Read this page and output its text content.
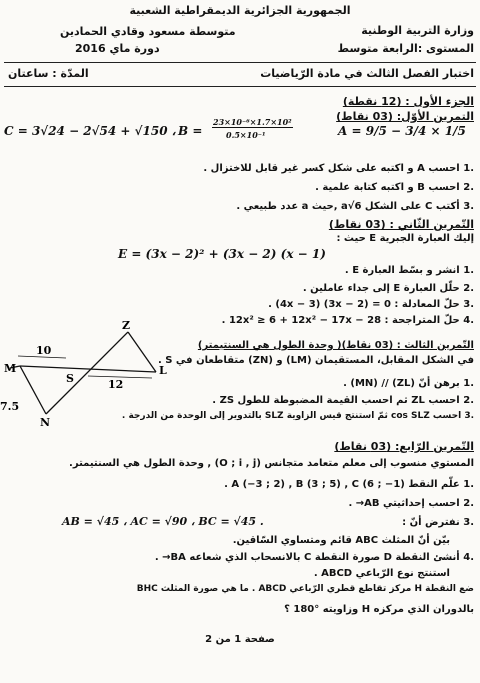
الجمهورية الجزائرية الديمقراطية الشعبية
وزارة التربية الوطنية
متوسطة مسعود وقادي الحمادين
المستوى :الرابعة متوسط
دورة ماي 2016
اختبار الفصل الثالث في مادة الرّياضيات
المدّة : ساعتان
الجزء الأول : (12 نقطة)
التمرين الأوّل: (03 نقاط)
C = 3√24 − 2√54 + √150 ، B =
23×10⁻⁶×1.7×10²
0.5×10⁻¹	A = 9/5 − 3/4 × 1/5
.1 احسب A و اكتبه على شكل كسر غير قابل للاختزال .
.2 احسب B و اكتبه كتابة علمية .
.3 أكتب C على الشكل a√6 ,حيث a عدد طبيعي .
التّمرين الثّاني : (03 نقاط)
إليك العبارة الجبرية E حيث :
E = (3x − 2)² + (3x − 2) (x − 1)
.1 انشر و بسّط العبارة E .
.2 حلّل العبارة E إلى جداء عاملين .
.3 حلّ المعادلة : 0 = (3x − 2) (4x − 3) .
.4 حلّ المتراجحة : 28 − 12x² ≥ 6 + 12x² − 17x .
Z
L
S
M
N
10
12
7.5
التّمرين الثالث : (03 نقاط)( وحدة الطول هي السنتيمتر)
في الشكل المقابل، المستقيمان (LM) و (ZN) متقاطعان في S .
.1 برهن أنّ (ZL) // (MN) .
.2 احسب ZL ثم احسب القيمة المضبوطة للطول ZS .
.3 احسب cos SLZ ثمّ استنتج قيس الزاوية SLZ بالتدوير إلى الوحدة من الدرجة .
التّمرين الرّابع: (03 نقاط)
المستوي منسوب إلى معلم متعامد متجانس (O ; i , j) , وحدة الطول هي السنتيمتر.
.1 علّم النقط A (−3 ; 2) , B (3 ; 5) , C (6 ; −1) .
.2 احسب إحداثيتي AB→ .
.3 نفترض أنّ :
AB = √45 ، AC = √90 ، BC = √45 .
بيّن أنّ المثلث ABC قائم ومتساوي السّاقين.
.4 أنشئ النقطة D صورة النقطة C بالانسحاب الذي شعاعه BA→ .
استنتج نوع الرّباعي ABCD .
ضع النقطة H مركز تقاطع قطري الرّباعي ABCD . ما هي صورة المثلث BHC
بالدوران الذي مركزه H وزاويته °180 ؟
صفحة 1 من 2
